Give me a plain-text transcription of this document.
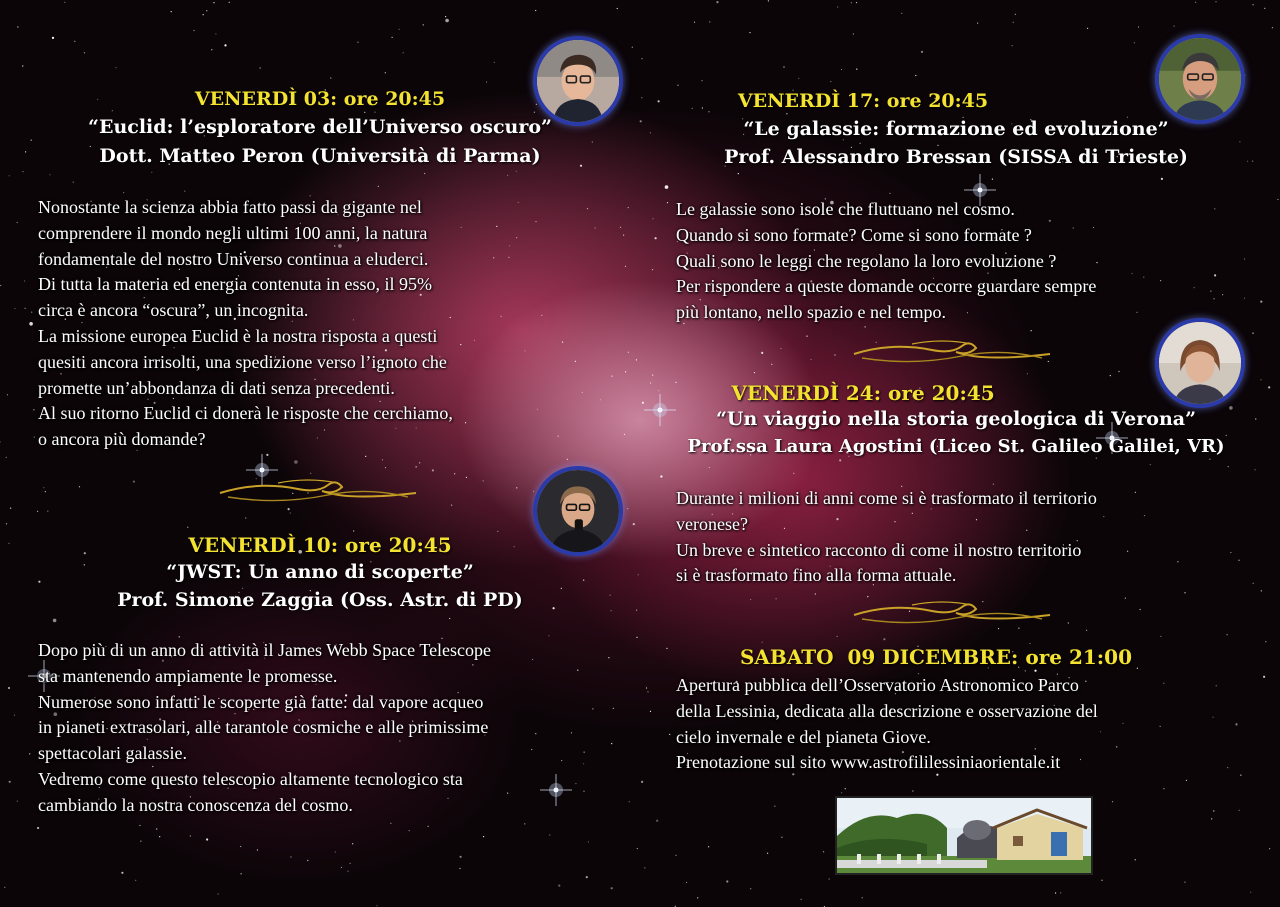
VENERDÌ 03: ore 20:45
“Euclid: l’esploratore dell’Universo oscuro”
Dott. Matteo Peron (Università di Parma)
Nonostante la scienza abbia fatto passi da gigante nel
comprendere il mondo negli ultimi 100 anni, la natura
fondamentale del nostro Universo continua a eluderci.
Di tutta la materia ed energia contenuta in esso, il 95%
circa è ancora “oscura”, un incognita.
La missione europea Euclid è la nostra risposta a questi
quesiti ancora irrisolti, una spedizione verso l’ignoto che
promette un’abbondanza di dati senza precedenti.
Al suo ritorno Euclid ci donerà le risposte che cerchiamo,
o ancora più domande?
VENERDÌ 10: ore 20:45
“JWST: Un anno di scoperte”
Prof. Simone Zaggia (Oss. Astr. di PD)
Dopo più di un anno di attività il James Webb Space Telescope
sta mantenendo ampiamente le promesse.
Numerose sono infatti le scoperte già fatte: dal vapore acqueo
in pianeti extrasolari, alle tarantole cosmiche e alle primissime
spettacolari galassie.
Vedremo come questo telescopio altamente tecnologico sta
cambiando la nostra conoscenza del cosmo.
VENERDÌ 17: ore 20:45
“Le galassie: formazione ed evoluzione”
Prof. Alessandro Bressan (SISSA di Trieste)
Le galassie sono isole che fluttuano nel cosmo.
Quando si sono formate? Come si sono formate ?
Quali sono le leggi che regolano la loro evoluzione ?
Per rispondere a queste domande occorre guardare sempre
più lontano, nello spazio e nel tempo.
VENERDÌ 24: ore 20:45
“Un viaggio nella storia geologica di Verona”
Prof.ssa Laura Agostini (Liceo St. Galileo Galilei, VR)
Durante i milioni di anni come si è trasformato il territorio
veronese?
Un breve e sintetico racconto di come il nostro territorio
si è trasformato fino alla forma attuale.
SABATO  09 DICEMBRE: ore 21:00
Apertura pubblica dell’Osservatorio Astronomico Parco
della Lessinia, dedicata alla descrizione e osservazione del
cielo invernale e del pianeta Giove.
Prenotazione sul sito www.astrofililessiniaorientale.it
